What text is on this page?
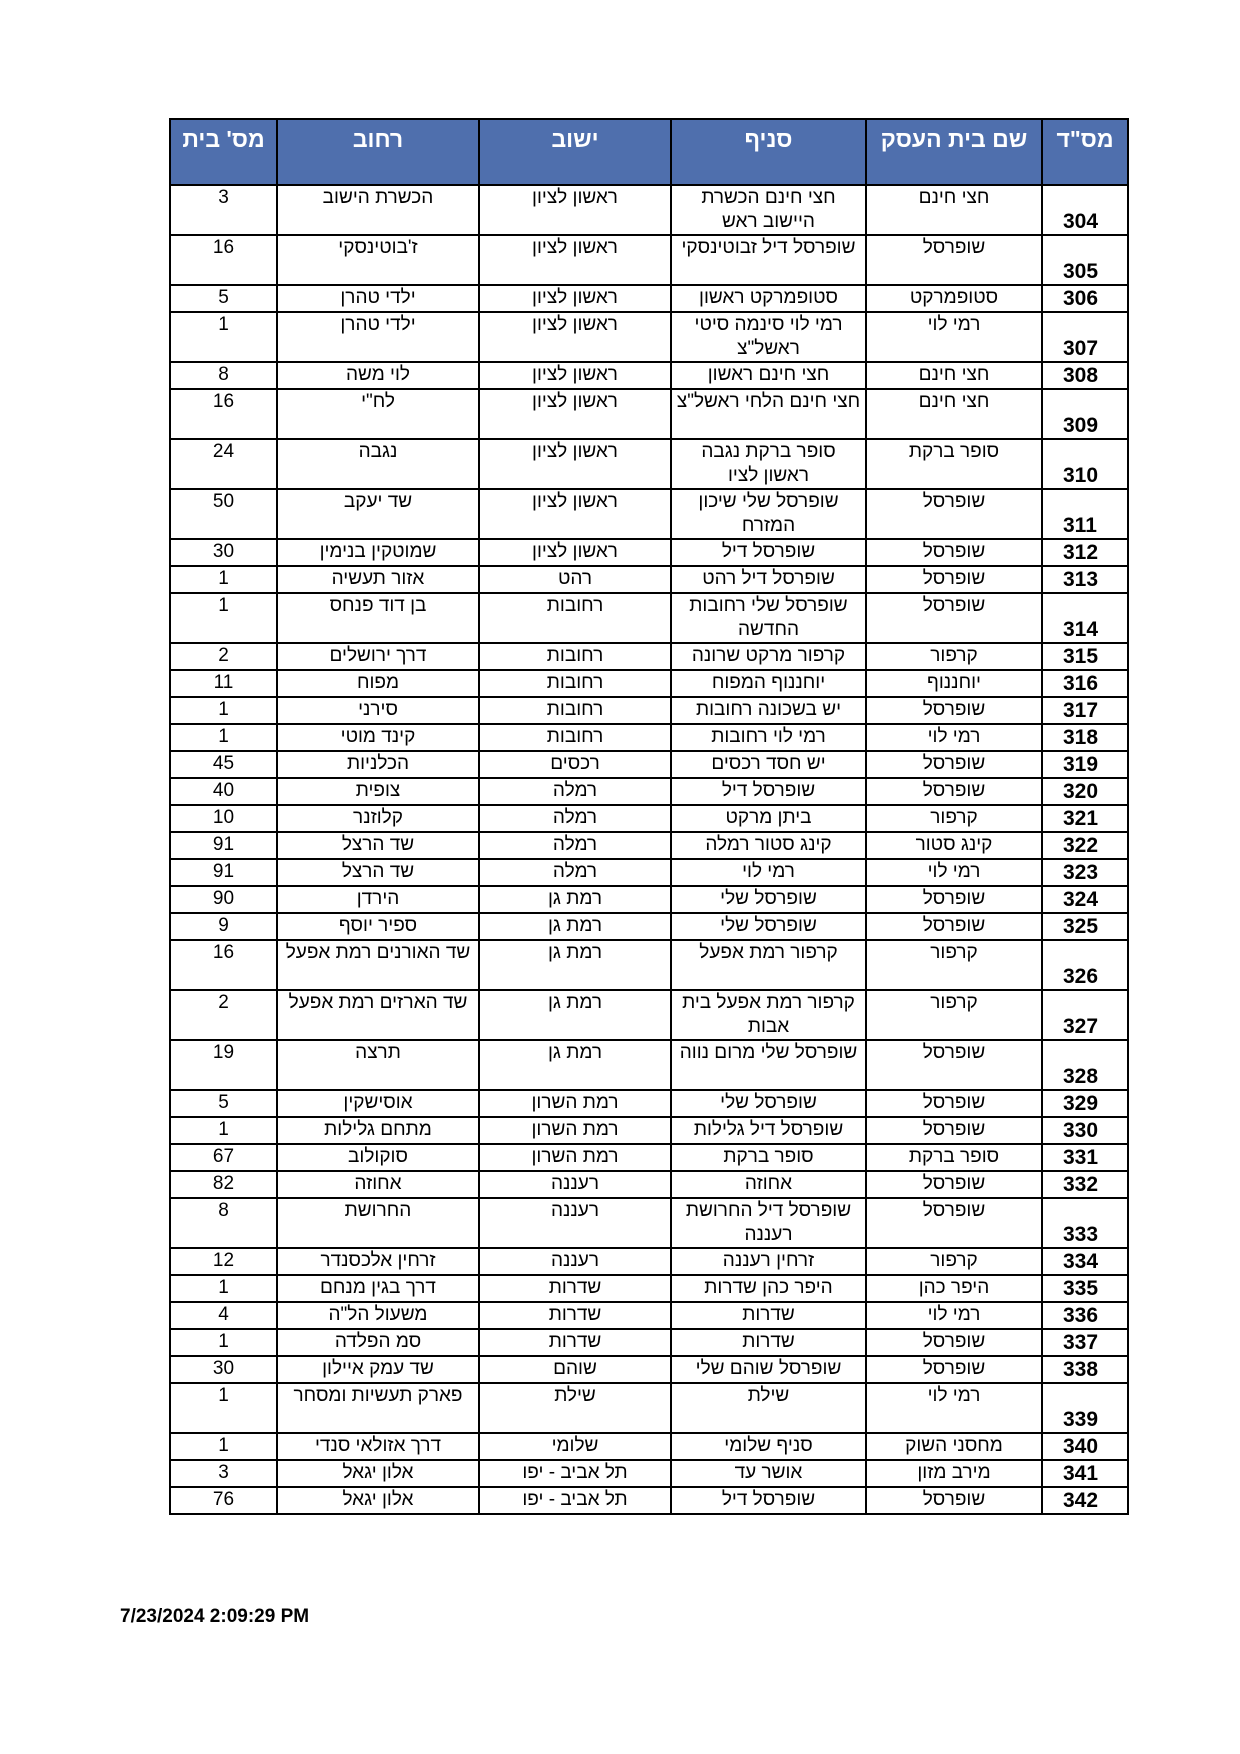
מס"ד	שם בית העסק	סניף	ישוב	רחוב	מס' בית
304	חצי חינם	חצי חינם הכשרת היישוב ראש	ראשון לציון	הכשרת הישוב	3
305	שופרסל	שופרסל דיל זבוטינסקי	ראשון לציון	ז'בוטינסקי	16
306	סטופמרקט	סטופמרקט ראשון	ראשון לציון	ילדי טהרן	5
307	רמי לוי	רמי לוי סינמה סיטי ראשל"צ	ראשון לציון	ילדי טהרן	1
308	חצי חינם	חצי חינם ראשון	ראשון לציון	לוי משה	8
309	חצי חינם	חצי חינם הלחי ראשל"צ	ראשון לציון	לח"י	16
310	סופר ברקת	סופר ברקת נגבה ראשון לציו	ראשון לציון	נגבה	24
311	שופרסל	שופרסל שלי שיכון המזרח	ראשון לציון	שד יעקב	50
312	שופרסל	שופרסל דיל	ראשון לציון	שמוטקין בנימין	30
313	שופרסל	שופרסל דיל רהט	רהט	אזור תעשיה	1
314	שופרסל	שופרסל שלי רחובות החדשה	רחובות	בן דוד פנחס	1
315	קרפור	קרפור מרקט שרונה	רחובות	דרך ירושלים	2
316	יוחננוף	יוחננוף המפוח	רחובות	מפוח	11
317	שופרסל	יש בשכונה רחובות	רחובות	סירני	1
318	רמי לוי	רמי לוי רחובות	רחובות	קינד מוטי	1
319	שופרסל	יש חסד רכסים	רכסים	הכלניות	45
320	שופרסל	שופרסל דיל	רמלה	צופית	40
321	קרפור	ביתן מרקט	רמלה	קלוזנר	10
322	קינג סטור	קינג סטור רמלה	רמלה	שד הרצל	91
323	רמי לוי	רמי לוי	רמלה	שד הרצל	91
324	שופרסל	שופרסל שלי	רמת גן	הירדן	90
325	שופרסל	שופרסל שלי	רמת גן	ספיר יוסף	9
326	קרפור	קרפור רמת אפעל	רמת גן	שד האורנים רמת אפעל	16
327	קרפור	קרפור רמת אפעל בית אבות	רמת גן	שד הארזים רמת אפעל	2
328	שופרסל	שופרסל שלי מרום נווה	רמת גן	תרצה	19
329	שופרסל	שופרסל שלי	רמת השרון	אוסישקין	5
330	שופרסל	שופרסל דיל גלילות	רמת השרון	מתחם גלילות	1
331	סופר ברקת	סופר ברקת	רמת השרון	סוקולוב	67
332	שופרסל	אחוזה	רעננה	אחוזה	82
333	שופרסל	שופרסל דיל החרושת רעננה	רעננה	החרושת	8
334	קרפור	זרחין רעננה	רעננה	זרחין אלכסנדר	12
335	היפר כהן	היפר כהן שדרות	שדרות	דרך בגין מנחם	1
336	רמי לוי	שדרות	שדרות	משעול הל"ה	4
337	שופרסל	שדרות	שדרות	סמ הפלדה	1
338	שופרסל	שופרסל שוהם שלי	שוהם	שד עמק איילון	30
339	רמי לוי	שילת	שילת	פארק תעשיות ומסחר	1
340	מחסני השוק	סניף שלומי	שלומי	דרך אזולאי סנדי	1
341	מירב מזון	אושר עד	תל אביב - יפו	אלון יגאל	3
342	שופרסל	שופרסל דיל	תל אביב - יפו	אלון יגאל	76
7/23/2024 2:09:29 PM
